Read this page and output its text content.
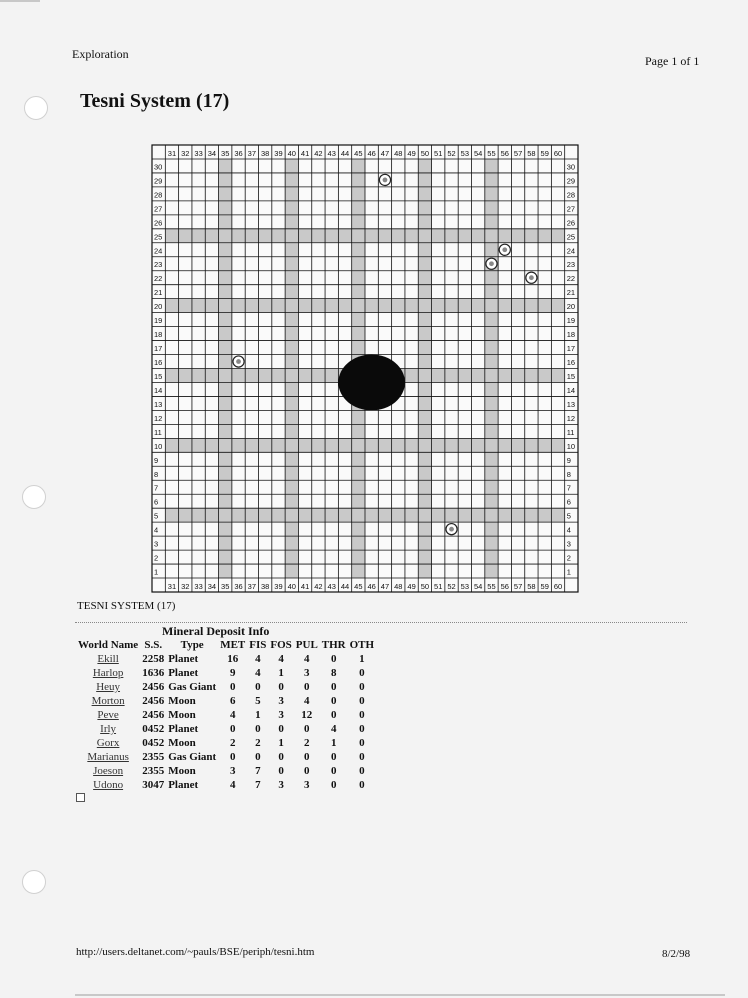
Exploration	Page 1 of 1
Tesni System (17)
31
31
32
32
33
33
34
34
35
35
36
36
37
37
38
38
39
39
40
40
41
41
42
42
43
43
44
44
45
45
46
46
47
47
48
48
49
49
50
50
51
51
52
52
53
53
54
54
55
55
56
56
57
57
58
58
59
59
60
60
30	30
29	29
28	28
27	27
26	26
25	25
24	24
23	23
22	22
21	21
20	20
19	19
18	18
17	17
16	16
15	15
14	14
13	13
12	12
11	11
10	10
9	9
8	8
7	7
6	6
5	5
4	4
3	3
2	2
1	1
TESNI SYSTEM (17)
Mineral Deposit Info
World Name	S.S.	Type	MET	FIS	FOS	PUL	THR	OTH
Ekill	2258	Planet	16	4	4	4	0	1
Harlop	1636	Planet	9	4	1	3	8	0
Heuy	2456	Gas Giant	0	0	0	0	0	0
Morton	2456	Moon	6	5	3	4	0	0
Peve	2456	Moon	4	1	3	12	0	0
Irly	0452	Planet	0	0	0	0	4	0
Gorx	0452	Moon	2	2	1	2	1	0
Marianus	2355	Gas Giant	0	0	0	0	0	0
Joeson	2355	Moon	3	7	0	0	0	0
Udono	3047	Planet	4	7	3	3	0	0
http://users.deltanet.com/~pauls/BSE/periph/tesni.htm	8/2/98
